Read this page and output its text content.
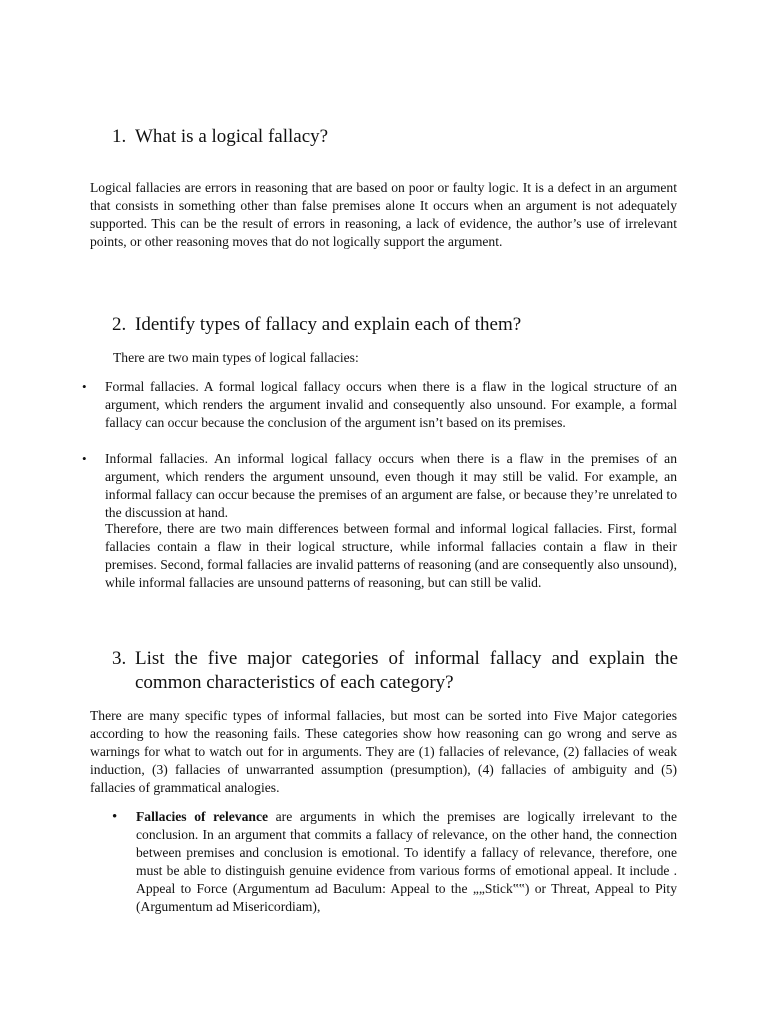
1. What is a logical fallacy?

Logical fallacies are errors in reasoning that are based on poor or faulty logic. It is a defect in an argument that consists in something other than false premises alone It occurs when an argument is not adequately supported. This can be the result of errors in reasoning, a lack of evidence, the author’s use of irrelevant points, or other reasoning moves that do not logically support the argument.

2. Identify types of fallacy and explain each of them?

There are two main types of logical fallacies:

• Formal fallacies. A formal logical fallacy occurs when there is a flaw in the logical structure of an argument, which renders the argument invalid and consequently also unsound. For example, a formal fallacy can occur because the conclusion of the argument isn’t based on its premises.
• Informal fallacies. An informal logical fallacy occurs when there is a flaw in the premises of an argument, which renders the argument unsound, even though it may still be valid. For example, an informal fallacy can occur because the premises of an argument are false, or because they’re unrelated to the discussion at hand.

Therefore, there are two main differences between formal and informal logical fallacies. First, formal fallacies contain a flaw in their logical structure, while informal fallacies contain a flaw in their premises. Second, formal fallacies are invalid patterns of reasoning (and are consequently also unsound), while informal fallacies are unsound patterns of reasoning, but can still be valid.

3. List the five major categories of informal fallacy and explain the common characteristics of each category?

There are many specific types of informal fallacies, but most can be sorted into Five Major categories according to how the reasoning fails. These categories show how reasoning can go wrong and serve as warnings for what to watch out for in arguments. They are (1) fallacies of relevance, (2) fallacies of weak induction, (3) fallacies of unwarranted assumption (presumption), (4) fallacies of ambiguity and (5) fallacies of grammatical analogies.

• Fallacies of relevance are arguments in which the premises are logically irrelevant to the conclusion. In an argument that commits a fallacy of relevance, on the other hand, the connection between premises and conclusion is emotional. To identify a fallacy of relevance, therefore, one must be able to distinguish genuine evidence from various forms of emotional appeal. It include . Appeal to Force (Argumentum ad Baculum: Appeal to the „„Stick‟‟) or Threat, Appeal to Pity (Argumentum ad Misericordiam),
